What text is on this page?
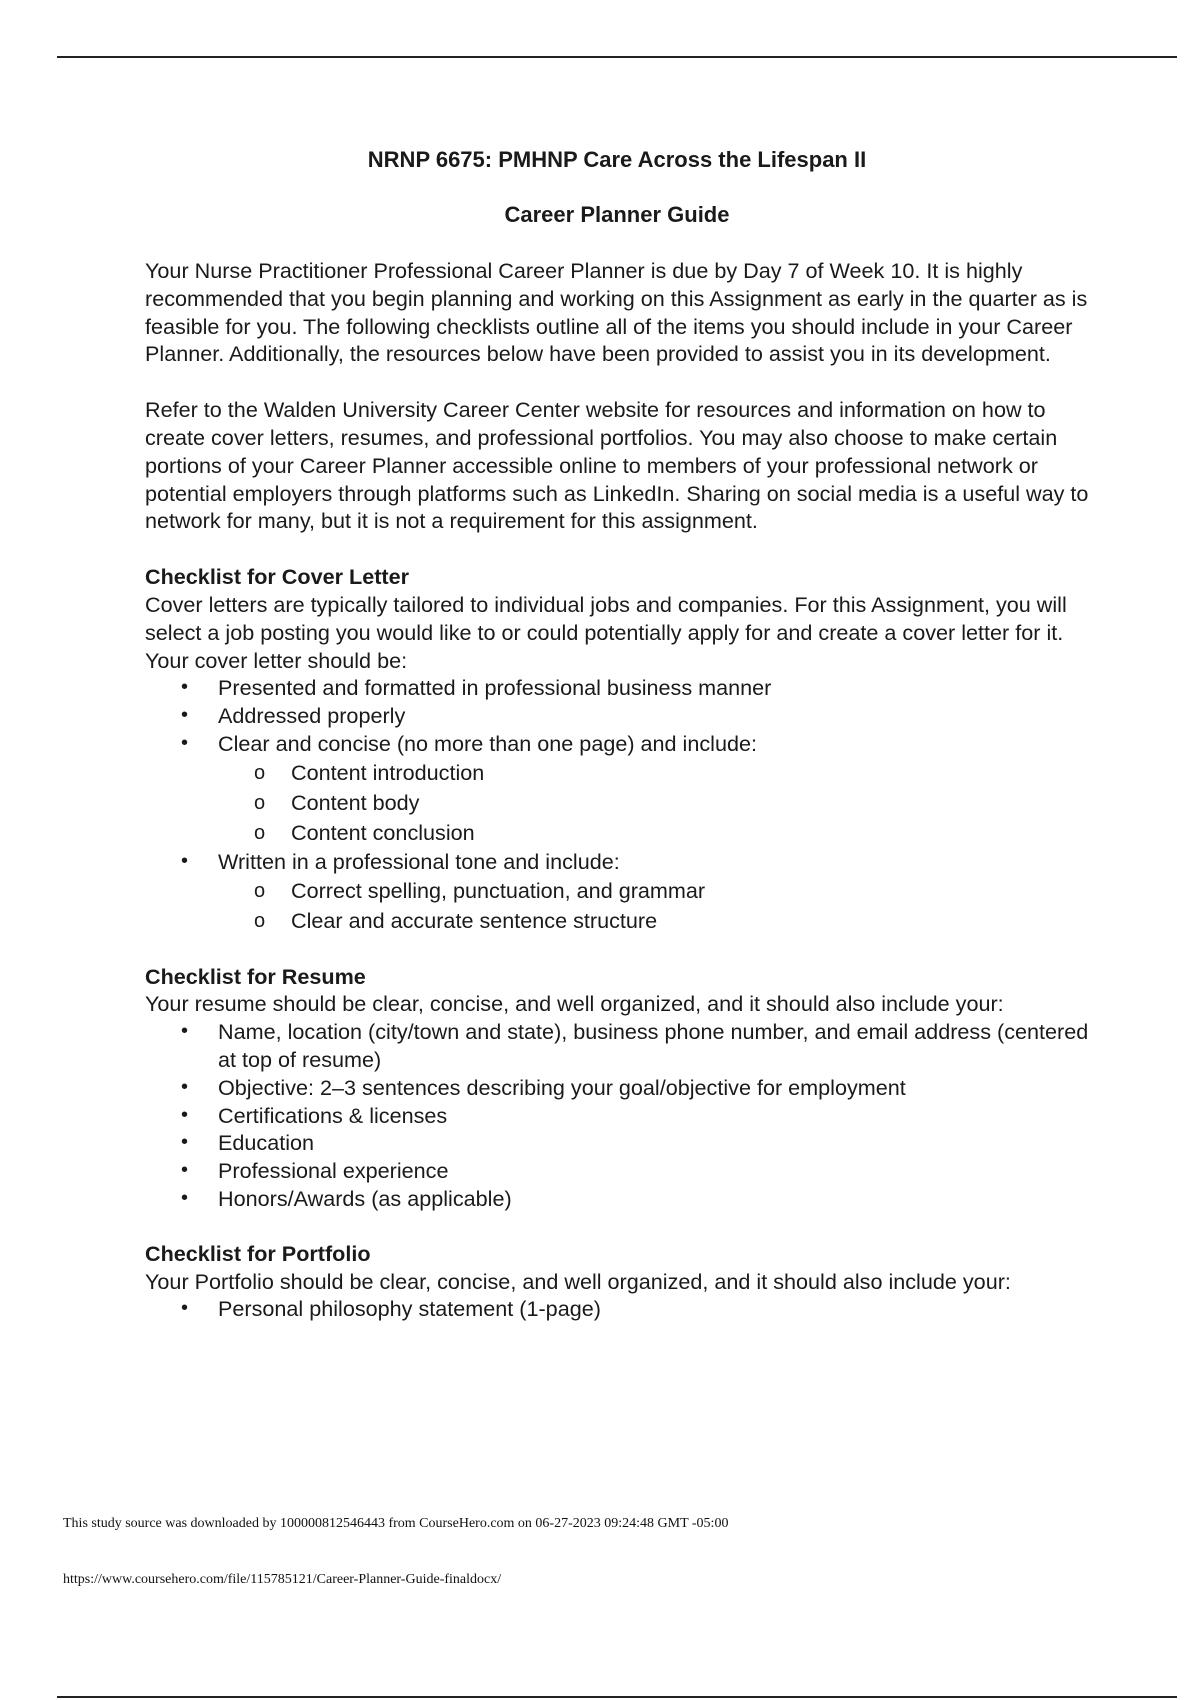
NRNP 6675: PMHNP Care Across the Lifespan II
Career Planner Guide

Your Nurse Practitioner Professional Career Planner is due by Day 7 of Week 10. It is highly recommended that you begin planning and working on this Assignment as early in the quarter as is feasible for you. The following checklists outline all of the items you should include in your Career Planner. Additionally, the resources below have been provided to assist you in its development.

Refer to the Walden University Career Center website for resources and information on how to create cover letters, resumes, and professional portfolios. You may also choose to make certain portions of your Career Planner accessible online to members of your professional network or potential employers through platforms such as LinkedIn. Sharing on social media is a useful way to network for many, but it is not a requirement for this assignment.

Checklist for Cover Letter

Cover letters are typically tailored to individual jobs and companies. For this Assignment, you will select a job posting you would like to or could potentially apply for and create a cover letter for it. Your cover letter should be:

• Presented and formatted in professional business manner
• Addressed properly
• Clear and concise (no more than one page) and include:
o Content introduction
o Content body
o Content conclusion
• Written in a professional tone and include:
o Correct spelling, punctuation, and grammar
o Clear and accurate sentence structure

Checklist for Resume

Your resume should be clear, concise, and well organized, and it should also include your:

• Name, location (city/town and state), business phone number, and email address (centered at top of resume)
• Objective: 2–3 sentences describing your goal/objective for employment
• Certifications & licenses
• Education
• Professional experience
• Honors/Awards (as applicable)

Checklist for Portfolio

Your Portfolio should be clear, concise, and well organized, and it should also include your:

• Personal philosophy statement (1-page)
This study source was downloaded by 100000812546443 from CourseHero.com on 06-27-2023 09:24:48 GMT -05:00
https://www.coursehero.com/file/115785121/Career-Planner-Guide-finaldocx/
